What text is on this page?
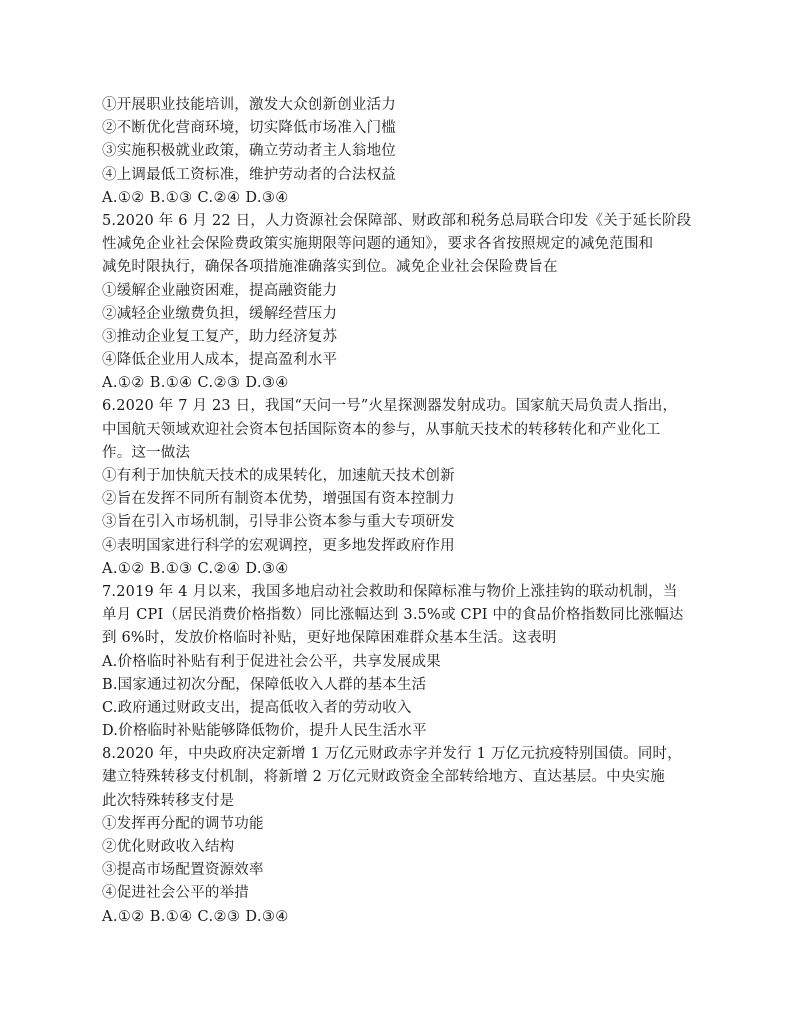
①开展职业技能培训，激发大众创新创业活力
②不断优化营商环境，切实降低市场准入门槛
③实施积极就业政策，确立劳动者主人翁地位
④上调最低工资标准，维护劳动者的合法权益
A.①② B.①③ C.②④ D.③④
5.2020 年 6 月 22 日，人力资源社会保障部、财政部和税务总局联合印发《关于延长阶段
性减免企业社会保险费政策实施期限等问题的通知》，要求各省按照规定的减免范围和
减免时限执行，确保各项措施准确落实到位。减免企业社会保险费旨在
①缓解企业融资困难，提高融资能力
②减轻企业缴费负担，缓解经营压力
③推动企业复工复产，助力经济复苏
④降低企业用人成本，提高盈利水平
A.①② B.①④ C.②③ D.③④
6.2020 年 7 月 23 日，我国“天问一号”火星探测器发射成功。国家航天局负责人指出，
中国航天领域欢迎社会资本包括国际资本的参与，从事航天技术的转移转化和产业化工
作。这一做法
①有利于加快航天技术的成果转化，加速航天技术创新
②旨在发挥不同所有制资本优势，增强国有资本控制力
③旨在引入市场机制，引导非公资本参与重大专项研发
④表明国家进行科学的宏观调控，更多地发挥政府作用
A.①② B.①③ C.②④ D.③④
7.2019 年 4 月以来，我国多地启动社会救助和保障标准与物价上涨挂钩的联动机制，当
单月 CPI（居民消费价格指数）同比涨幅达到 3.5%或 CPI 中的食品价格指数同比涨幅达
到 6%时，发放价格临时补贴，更好地保障困难群众基本生活。这表明
A.价格临时补贴有利于促进社会公平，共享发展成果
B.国家通过初次分配，保障低收入人群的基本生活
C.政府通过财政支出，提高低收入者的劳动收入
D.价格临时补贴能够降低物价，提升人民生活水平
8.2020 年，中央政府决定新增 1 万亿元财政赤字并发行 1 万亿元抗疫特别国债。同时，
建立特殊转移支付机制，将新增 2 万亿元财政资金全部转给地方、直达基层。中央实施
此次特殊转移支付是
①发挥再分配的调节功能
②优化财政收入结构
③提高市场配置资源效率
④促进社会公平的举措
A.①② B.①④ C.②③ D.③④
